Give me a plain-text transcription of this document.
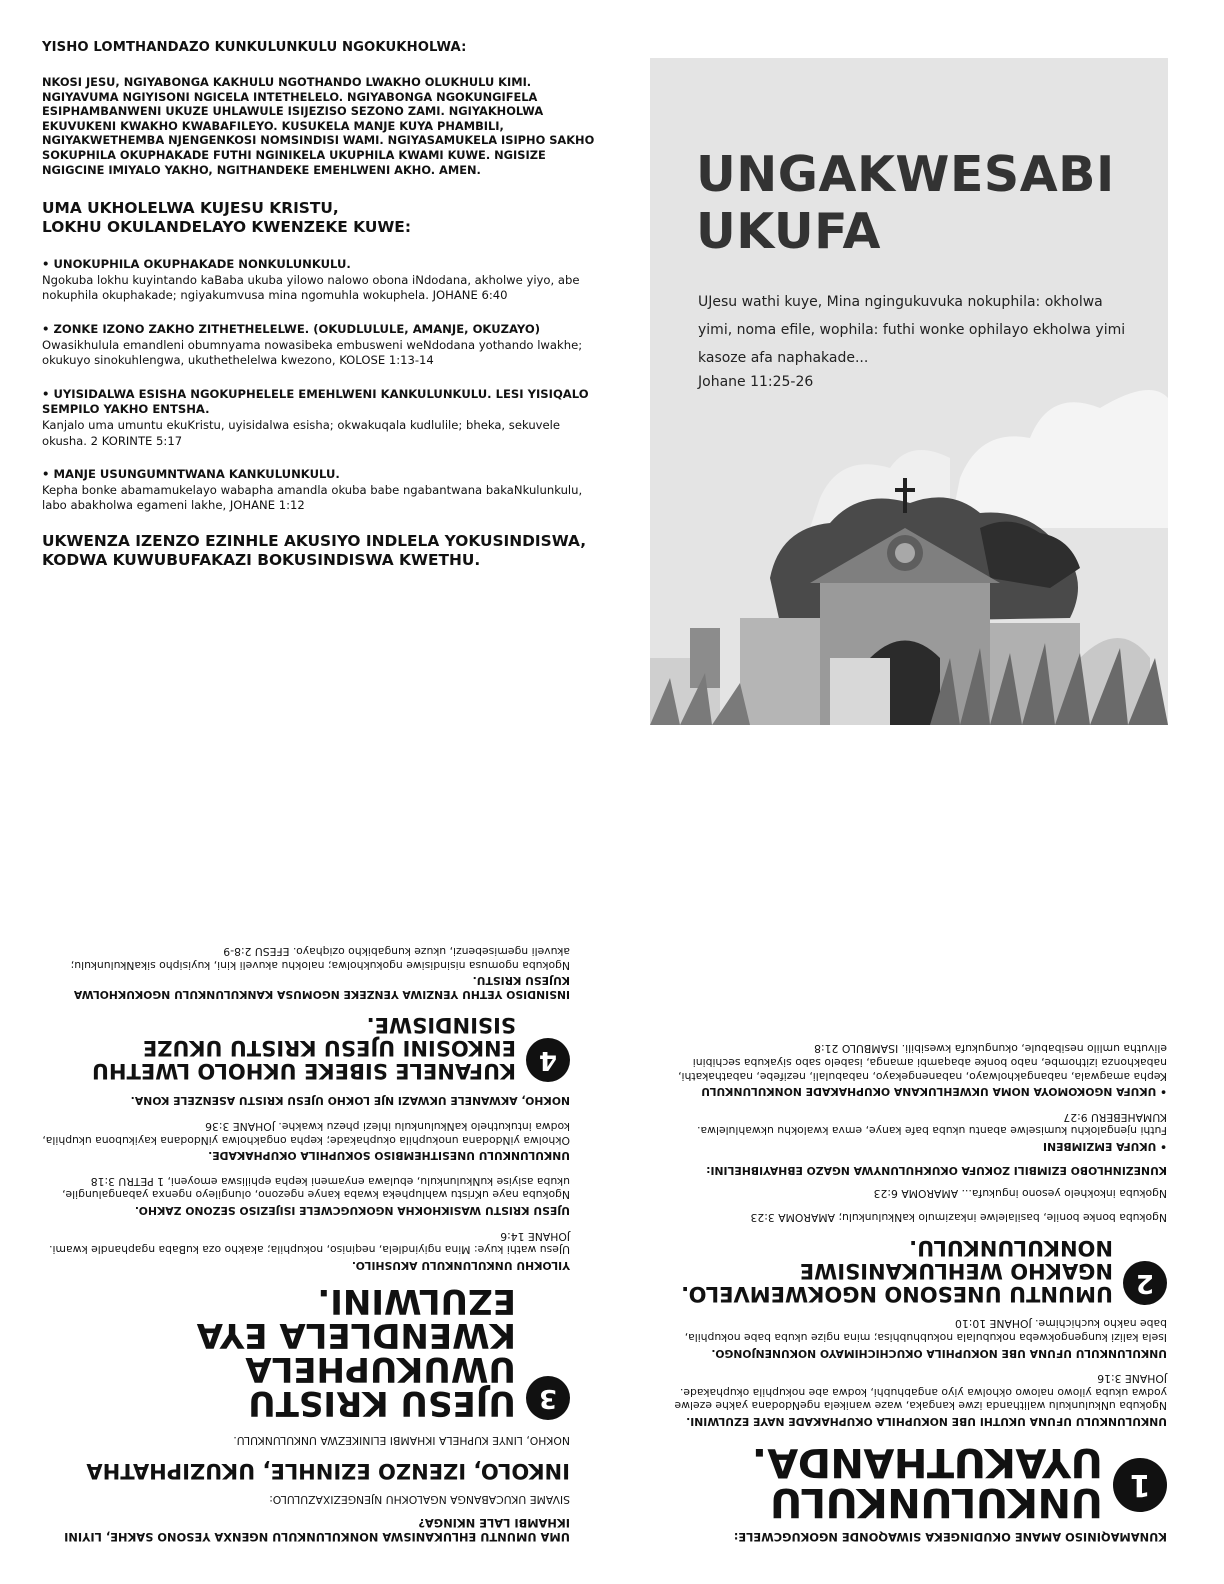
YISHO LOMTHANDAZO KUNKULUNKULU NGOKUKHOLWA:
NKOSI JESU, NGIYABONGA KAKHULU NGOTHANDO LWAKHO OLUKHULU KIMI. NGIYAVUMA NGIYISONI NGICELA INTETHELELO. NGIYABONGA NGOKUNGIFELA ESIPHAMBANWENI UKUZE UHLAWULE ISIJEZISO SEZONO ZAMI. NGIYAKHOLWA EKUVUKENI KWAKHO KWABAFILEYO. KUSUKELA MANJE KUYA PHAMBILI, NGIYAKWETHEMBA NJENGENKOSI NOMSINDISI WAMI. NGIYASAMUKELA ISIPHO SAKHO SOKUPHILA OKUPHAKADE FUTHI NGINIKELA UKUPHILA KWAMI KUWE. NGISIZE NGIGCINE IMIYALO YAKHO, NGITHANDEKE EMEHLWENI AKHO. AMEN.
UMA UKHOLELWA KUJESU KRISTU,
LOKHU OKULANDELAYO KWENZEKE KUWE:
• UNOKUPHILA OKUPHAKADE NONKULUNKULU.
Ngokuba lokhu kuyintando kaBaba ukuba yilowo nalowo obona iNdodana, akholwe yiyo, abe nokuphila okuphakade; ngiyakumvusa mina ngomuhla wokuphela. JOHANE 6:40
• ZONKE IZONO ZAKHO ZITHETHELELWE. (OKUDLULULE, AMANJE, OKUZAYO)
Owasikhulula emandleni obumnyama nowasibeka embusweni weNdodana yothando lwakhe; okukuyo sinokuhlengwa, ukuthethelelwa kwezono, KOLOSE 1:13-14
• UYISIDALWA ESISHA NGOKUPHELELE EMEHLWENI KANKULUNKULU. LESI YISIQALO SEMPILO YAKHO ENTSHA.
Kanjalo uma umuntu ekuKristu, uyisidalwa esisha; okwakuqala kudlulile; bheka, sekuvele okusha. 2 KORINTE 5:17
• MANJE USUNGUMNTWANA KANKULUNKULU.
Kepha bonke abamamukelayo wabapha amandla okuba babe ngabantwana bakaNkulunkulu, labo abakholwa egameni lakhe, JOHANE 1:12
UKWENZA IZENZO EZINHLE AKUSIYO INDLELA YOKUSINDISWA, KODWA KUWUBUFAKAZI BOKUSINDISWA KWETHU.
UNGAKWESABI
UKUFA
UJesu wathi kuye, Mina ngingukuvuka nokuphila: okholwa yimi, noma efile, wophila: futhi wonke ophilayo ekholwa yimi kasoze afa naphakade...
Johane 11:25-26
KUNAMAQINISO AMANE OKUDINGEKA SIWAQONDE NGOKUGCWELE:
1
UNKULUNKULU
UYAKUTHANDA.
UNKULUNKULU UFUNA UKUTHI UBE NOKUPHILA OKUPHAKADE NAYE EZULWINI.
Ngokuba uNkulunkulu walithanda izwe kangaka, waze wanikela ngeNdodana yakhe ezelwe yodwa ukuba yilowo nalowo okholwa yiyo angabhubhi, kodwa abe nokuphila okuphakade. JOHANE 3:16
UNKULUNKULU UFUNA UBE NOKUPHILA OKUCHICHIMAYO NOKUNENJONGO.
Isela kalizi kungengokweba nokubulala nokubhubhisa; mina ngize ukuba babe nokuphila, babe nakho kuchichime. JOHANE 10:10
2
UMUNTU UNESONO NGOKWEMVELO.
NGAKHO WEHLUKANISIWE NONKULUNKULU.
Ngokuba bonke bonile, basilalelwe inkazimulo kaNkulunkulu; AMAROMA 3:23
Ngokuba inkokhelo yesono ingukufa... AMAROMA 6:23
KUNEZINHLOBO EZIMBILI ZOKUFA OKUKHULUNYWA NGAZO EBHAYIBHELINI:
• UKUFA EMZIMBENI
Futhi njengalokhu kumiselwe abantu ukuba bafe kanye, emva kwalokhu ukwahlulelwa. KUMAHEBERU 9:27
• UKUFA NGOKOMOYA NOMA UKWEHLUKANA OKUPHAKADE NONKULUNKULU
Kepha amagwala, nabangakholwayo, nabanengekayo, nababulali, nezifebe, nabathakathi, nabakhonza izithombe, nabo bonke abaqambi amanga, isabelo sabo siyakuba sechibini elivutha umlilo nesibabule, okungukufa kwesibili. ISAMBULO 21:8
UMA UMUNTU EHLUKANISWA NONKULUNKULU NGENXA YESONO SAKHE, LIYINI IKHAMBI LALE NKINGA?
SIVAME UKUCABANGA NGALOKHU NJENGEZIXAZULULO:
INKOLO, IZENZO EZINHLE, UKUZIPHATHA
NOKHO, LINYE KUPHELA IKHAMBI ELINIKEZWA UNKULUNKULU.
3
UJESU KRISTU UWUKUPHELA
KWENDLELA EYA EZULWINI.
YILOKHU UNKULUNKULU AKUSHILO.
UJesu wathi kuye: Mina ngiyindlela, neqiniso, nokuphila; akakho oza kuBaba ngaphandle kwami. JOHANE 14:6
UJESU KRISTU WASIKHOKHA NGOKUGCWELE ISIJEZISO SEZONO ZAKHO.
Ngokuba naye uKristu wahlupheka kwaba kanye ngezono, olungileyo ngenxa yabangalungile, ukuba asiyise kuNkulunkulu, ebulawa enyameni kepha ephiliswa emoyeni, 1 PETRU 3:18
UNKULUNKULU UNESITHEMBISO SOKUPHILA OKUPHAKADE.
Okholwa yiNdodana unokuphila okuphakade; kepha ongakholwa yiNdodana kayikubona ukuphila, kodwa intukuthelo kaNkulunkulu ihlezi phezu kwakhe. JOHANE 3:36
NOKHO, AKWANELE UKWAZI NJE LOKHO UJESU KRISTU ASENZELE KONA.
4
KUFANELE SIBEKE UKHOLO LWETHU
ENKOSINI UJESU KRISTU UKUZE SISINDISWE.
INSINDISO YETHU YENZIWA YENZEKE NGOMUSA KANKULUNKULU NGOKUKHOLWA KUJESU KRISTU.
Ngokuba ngomusa nisindisiwe ngokukholwa; nalokhu akuveli kini, kuyisipho sikaNkulunkulu; akuveli ngemisebenzi, ukuze kungabikho oziqhayo. EFESU 2:8-9
